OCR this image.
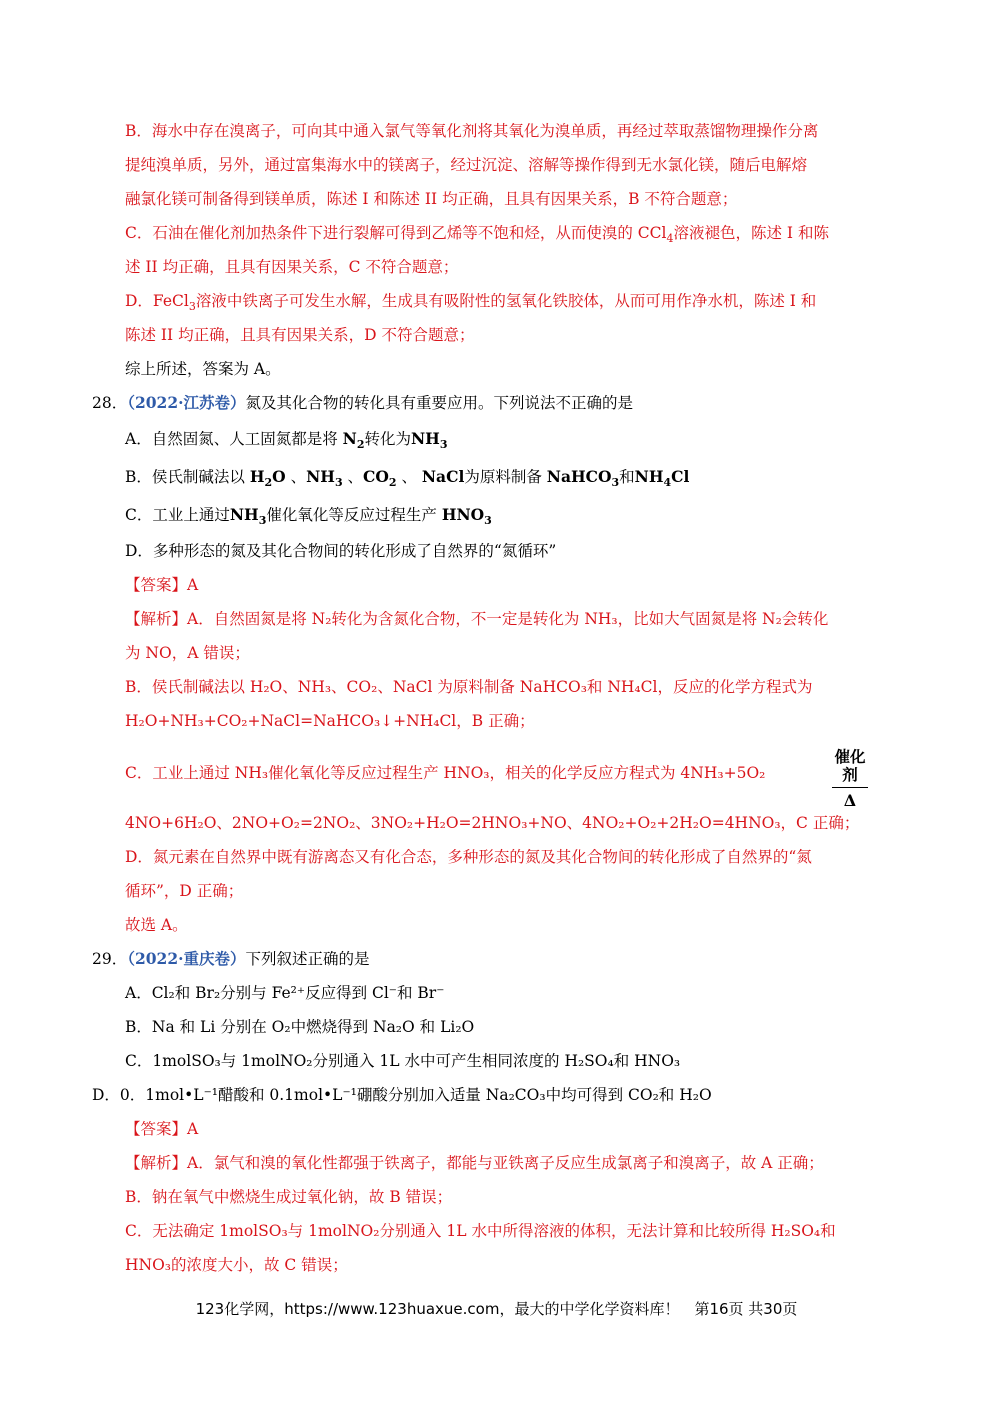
B．海水中存在溴离子，可向其中通入氯气等氧化剂将其氧化为溴单质，再经过萃取蒸馏物理操作分离
提纯溴单质，另外，通过富集海水中的镁离子，经过沉淀、溶解等操作得到无水氯化镁，随后电解熔
融氯化镁可制备得到镁单质，陈述 I 和陈述 II 均正确，且具有因果关系，B 不符合题意；
C．石油在催化剂加热条件下进行裂解可得到乙烯等不饱和烃，从而使溴的 CCl$_4$溶液褪色，陈述 I 和陈
述 II 均正确，且具有因果关系，C 不符合题意；
D．FeCl$_3$溶液中铁离子可发生水解，生成具有吸附性的氢氧化铁胶体，从而可用作净水机，陈述 I 和
陈述 II 均正确，且具有因果关系，D 不符合题意；
综上所述，答案为 A。
28．（2022·江苏卷）氮及其化合物的转化具有重要应用。下列说法不正确的是
A．自然固氮、人工固氮都是将 $N_2$转化为$NH_3$
B．侯氏制碱法以 $H_2O$ 、$NH_3$ 、$CO_2$ 、 NaCl为原料制备 NaHCO$_3$和$NH_4Cl$
C．工业上通过$NH_3$催化氧化等反应过程生产 $HNO_3$
D．多种形态的氮及其化合物间的转化形成了自然界的“氮循环”
【答案】A
【解析】A．自然固氮是将 N₂转化为含氮化合物，不一定是转化为 NH₃，比如大气固氮是将 N₂会转化
为 NO，A 错误；
B．侯氏制碱法以 H₂O、NH₃、CO₂、NaCl 为原料制备 NaHCO₃和 NH₄Cl，反应的化学方程式为
H₂O+NH₃+CO₂+NaCl=NaHCO₃↓+NH₄Cl，B 正确；
C．工业上通过 NH₃催化氧化等反应过程生产 HNO₃，相关的化学反应方程式为 4NH₃+5O₂
催化剂
Δ
4NO+6H₂O、2NO+O₂=2NO₂、3NO₂+H₂O=2HNO₃+NO、4NO₂+O₂+2H₂O=4HNO₃，C 正确；
D．氮元素在自然界中既有游离态又有化合态，多种形态的氮及其化合物间的转化形成了自然界的“氮
循环”，D 正确；
故选 A。
29．（2022·重庆卷）下列叙述正确的是
A．Cl₂和 Br₂分别与 Fe²⁺反应得到 Cl⁻和 Br⁻
B．Na 和 Li 分别在 O₂中燃烧得到 Na₂O 和 Li₂O
C．1molSO₃与 1molNO₂分别通入 1L 水中可产生相同浓度的 H₂SO₄和 HNO₃
D．0．1mol•L⁻¹醋酸和 0.1mol•L⁻¹硼酸分别加入适量 Na₂CO₃中均可得到 CO₂和 H₂O
【答案】A
【解析】A．氯气和溴的氧化性都强于铁离子，都能与亚铁离子反应生成氯离子和溴离子，故 A 正确；
B．钠在氧气中燃烧生成过氧化钠，故 B 错误；
C．无法确定 1molSO₃与 1molNO₂分别通入 1L 水中所得溶液的体积，无法计算和比较所得 H₂SO₄和
HNO₃的浓度大小，故 C 错误；
123化学网，https://www.123huaxue.com，最大的中学化学资料库！　第16页 共30页
